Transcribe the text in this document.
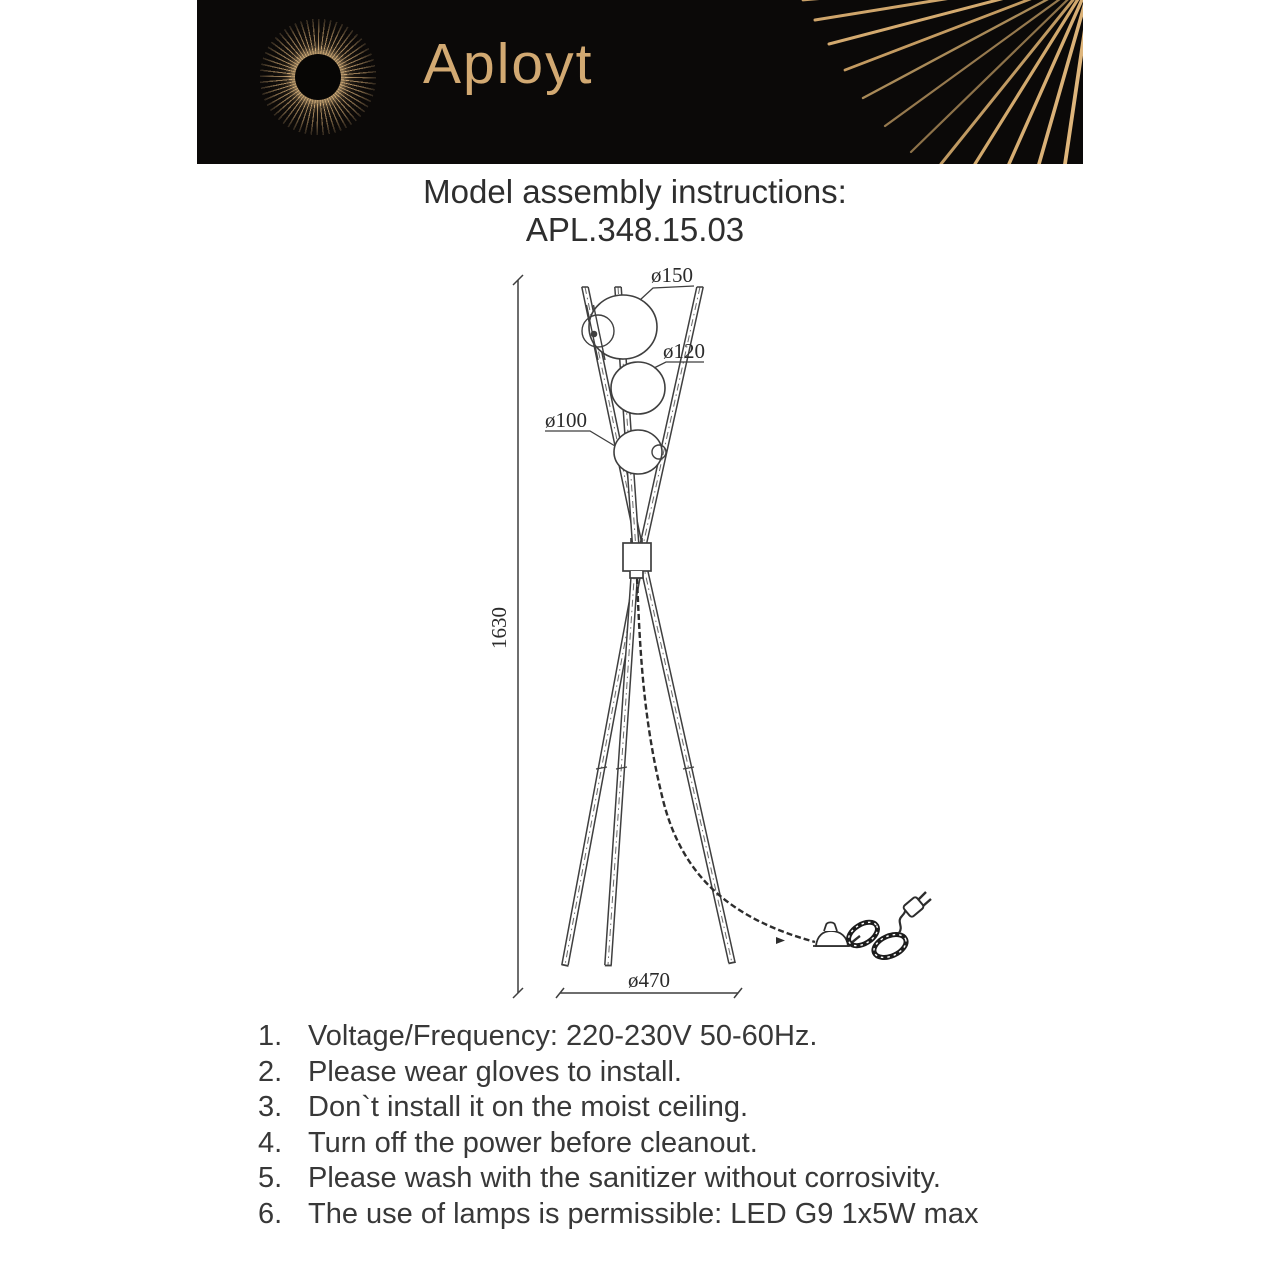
Aployt
Model assembly instructions:
APL.348.15.03
1630
ø470
ø150
ø120
ø100
1. Voltage/Frequency: 220-230V 50-60Hz.
2. Please wear gloves to install.
3. Don`t install it on the moist ceiling.
4. Turn off the power before cleanout.
5. Please wash with the sanitizer without corrosivity.
6. The use of lamps is permissible: LED G9 1x5W max
